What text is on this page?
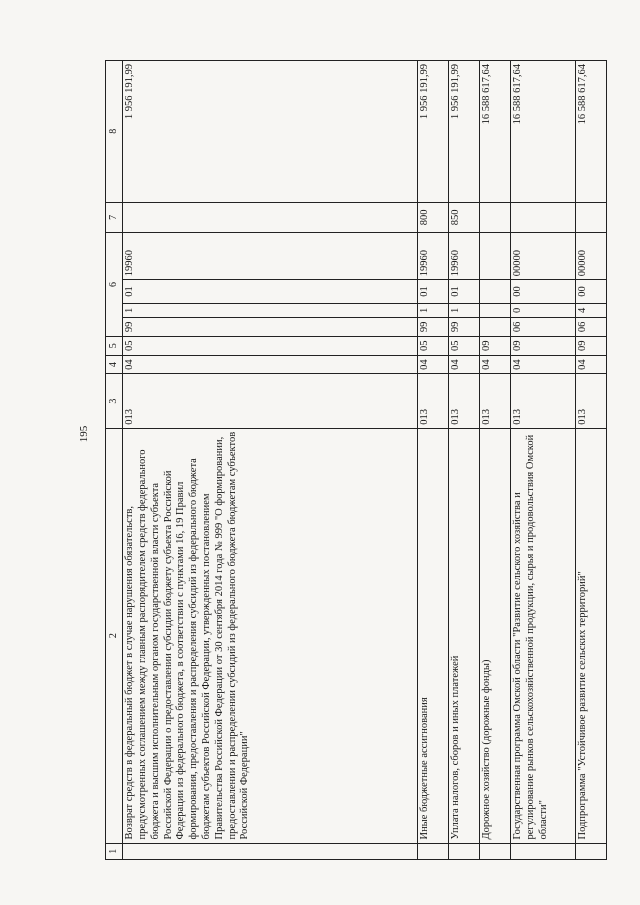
195
1	2	3	4	5	6				7	8
	Возврат средств в федеральный бюджет в случае нарушения обязательств, предусмотренных соглашением между главным распорядителем средств федерального бюджета и высшим исполнительным органом государственной власти субъекта Российской Федерации о предоставлении субсидии бюджету субъекта Российской Федерации из федерального бюджета, в соответствии с пунктами 16, 19 Правил формирования, предоставления и распределения субсидий из федерального бюджета бюджетам субъектов Российской Федерации, утвержденных постановлением Правительства Российской Федерации от 30 сентября 2014 года № 999 "О формировании, предоставлении и распределении субсидий из федерального бюджета бюджетам субъектов Российской Федерации"	013	04	05	99	1	01	19960		1 956 191,99
	Иные бюджетные ассигнования	013	04	05	99	1	01	19960	800	1 956 191,99
	Уплата налогов, сборов и иных платежей	013	04	05	99	1	01	19960	850	1 956 191,99
	Дорожное хозяйство (дорожные фонды)	013	04	09						16 588 617,64
	Государственная программа Омской области "Развитие сельского хозяйства и регулирование рынков сельскохозяйственной продукции, сырья и продовольствия Омской области"	013	04	09	06	0	00	00000		16 588 617,64
	Подпрограмма "Устойчивое развитие сельских территорий"	013	04	09	06	4	00	00000		16 588 617,64
